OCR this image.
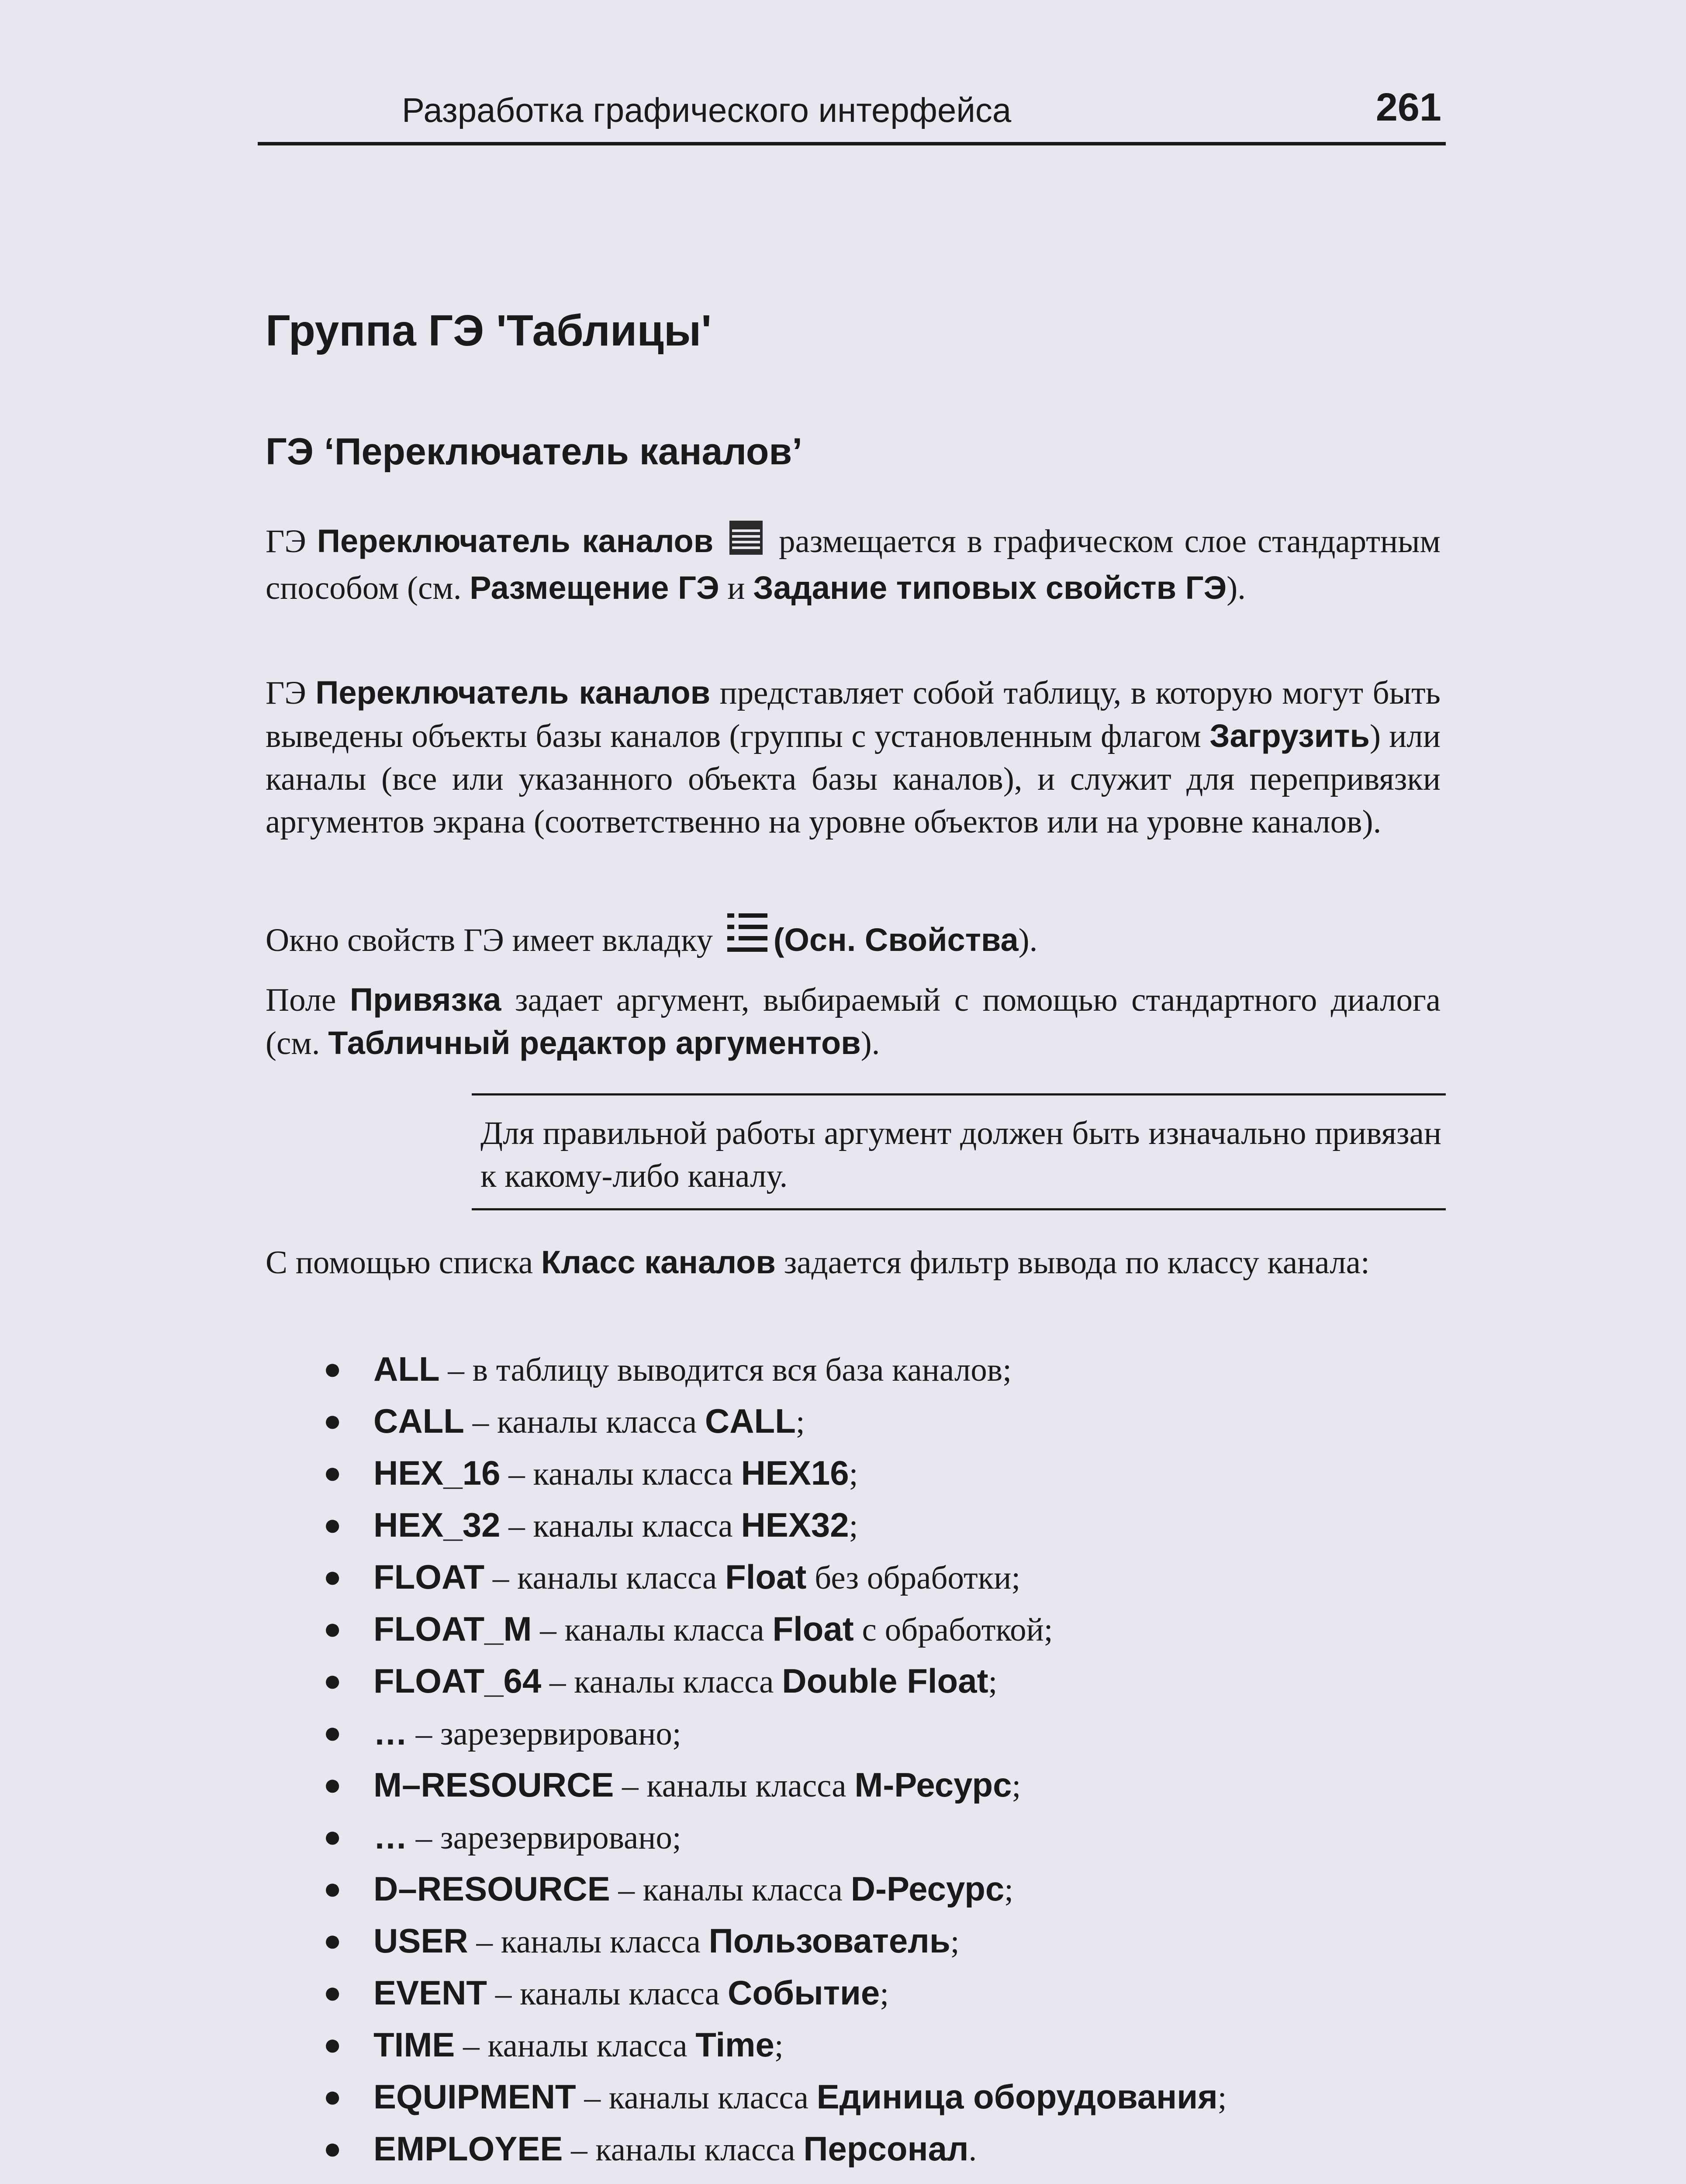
Разработка графического интерфейса	261
Группа ГЭ 'Таблицы'
ГЭ ‘Переключатель каналов’

ГЭ Переключатель каналов  размещается в графическом слое стандартным способом (см. Размещение ГЭ и Задание типовых свойств ГЭ).

ГЭ Переключатель каналов представляет собой таблицу, в которую могут быть выведены объекты базы каналов (группы с установленным флагом Загрузить) или каналы (все или указанного объекта базы каналов), и служит для перепривязки аргументов экрана (соответственно на уровне объектов или на уровне каналов).

Окно свойств ГЭ имеет вкладку (Осн. Свойства).

Поле Привязка задает аргумент, выбираемый с помощью стандартного диалога (см. Табличный редактор аргументов).

Для правильной работы аргумент должен быть изначально привязан к какому-либо каналу.

С помощью списка Класс каналов задается фильтр вывода по классу канала:

● ALL – в таблицу выводится вся база каналов;
● CALL – каналы класса CALL;
● HEX_16 – каналы класса HEX16;
● HEX_32 – каналы класса HEX32;
● FLOAT – каналы класса Float без обработки;
● FLOAT_M – каналы класса Float с обработкой;
● FLOAT_64 – каналы класса Double Float;
● … – зарезервировано;
● M–RESOURCE – каналы класса M-Ресурс;
● … – зарезервировано;
● D–RESOURCE – каналы класса D-Ресурс;
● USER – каналы класса Пользователь;
● EVENT – каналы класса Событие;
● TIME – каналы класса Time;
● EQUIPMENT – каналы класса Единица оборудования;
● EMPLOYEE – каналы класса Персонал.
